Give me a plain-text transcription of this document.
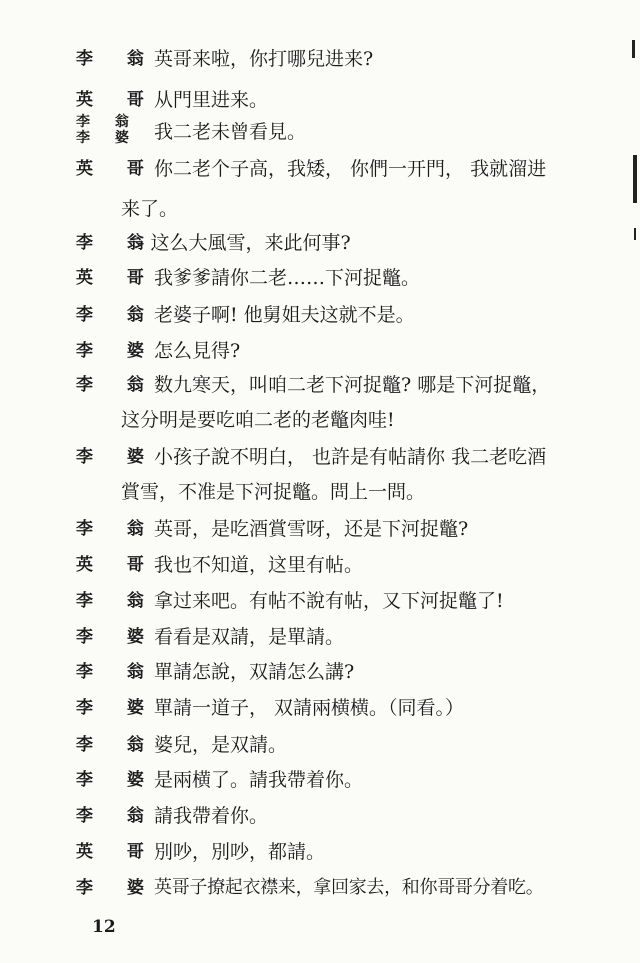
李 翁
英哥来啦，你打哪兒进来?
英 哥
从門里进来。
李 翁
李 婆 我二老未曾看見。
英 哥
你二老个子高，我矮， 你們一开門， 我就溜进
来了。
李 翁
- 这么大風雪，来此何事?
英 哥
我爹爹請你二老……下河捉鼈。
李 翁
老婆子啊! 他舅姐夫这就不是。
李 婆
怎么見得?
李 翁
数九寒天，叫咱二老下河捉鼈? 哪是下河捉鼈，
这分明是要吃咱二老的老鼈肉哇!
李 婆
小孩子說不明白， 也許是有帖請你 我二老吃酒
賞雪，不准是下河捉鼈。問上一問。
李 翁
英哥，是吃酒賞雪呀，还是下河捉鼈?
英 哥
我也不知道，这里有帖。
李 翁
拿过来吧。有帖不說有帖，又下河捉鼈了!
李 婆
看看是双請，是單請。
李 翁
單請怎說，双請怎么講?
李 婆
單請一道子， 双請兩横横。（同看。）
李 翁
婆兒，是双請。
李 婆
是兩横了。請我帶着你。
李 翁
請我帶着你。
英 哥
別吵，別吵，都請。
李 婆
英哥子撩起衣襟来，拿回家去，和你哥哥分着吃。
12
